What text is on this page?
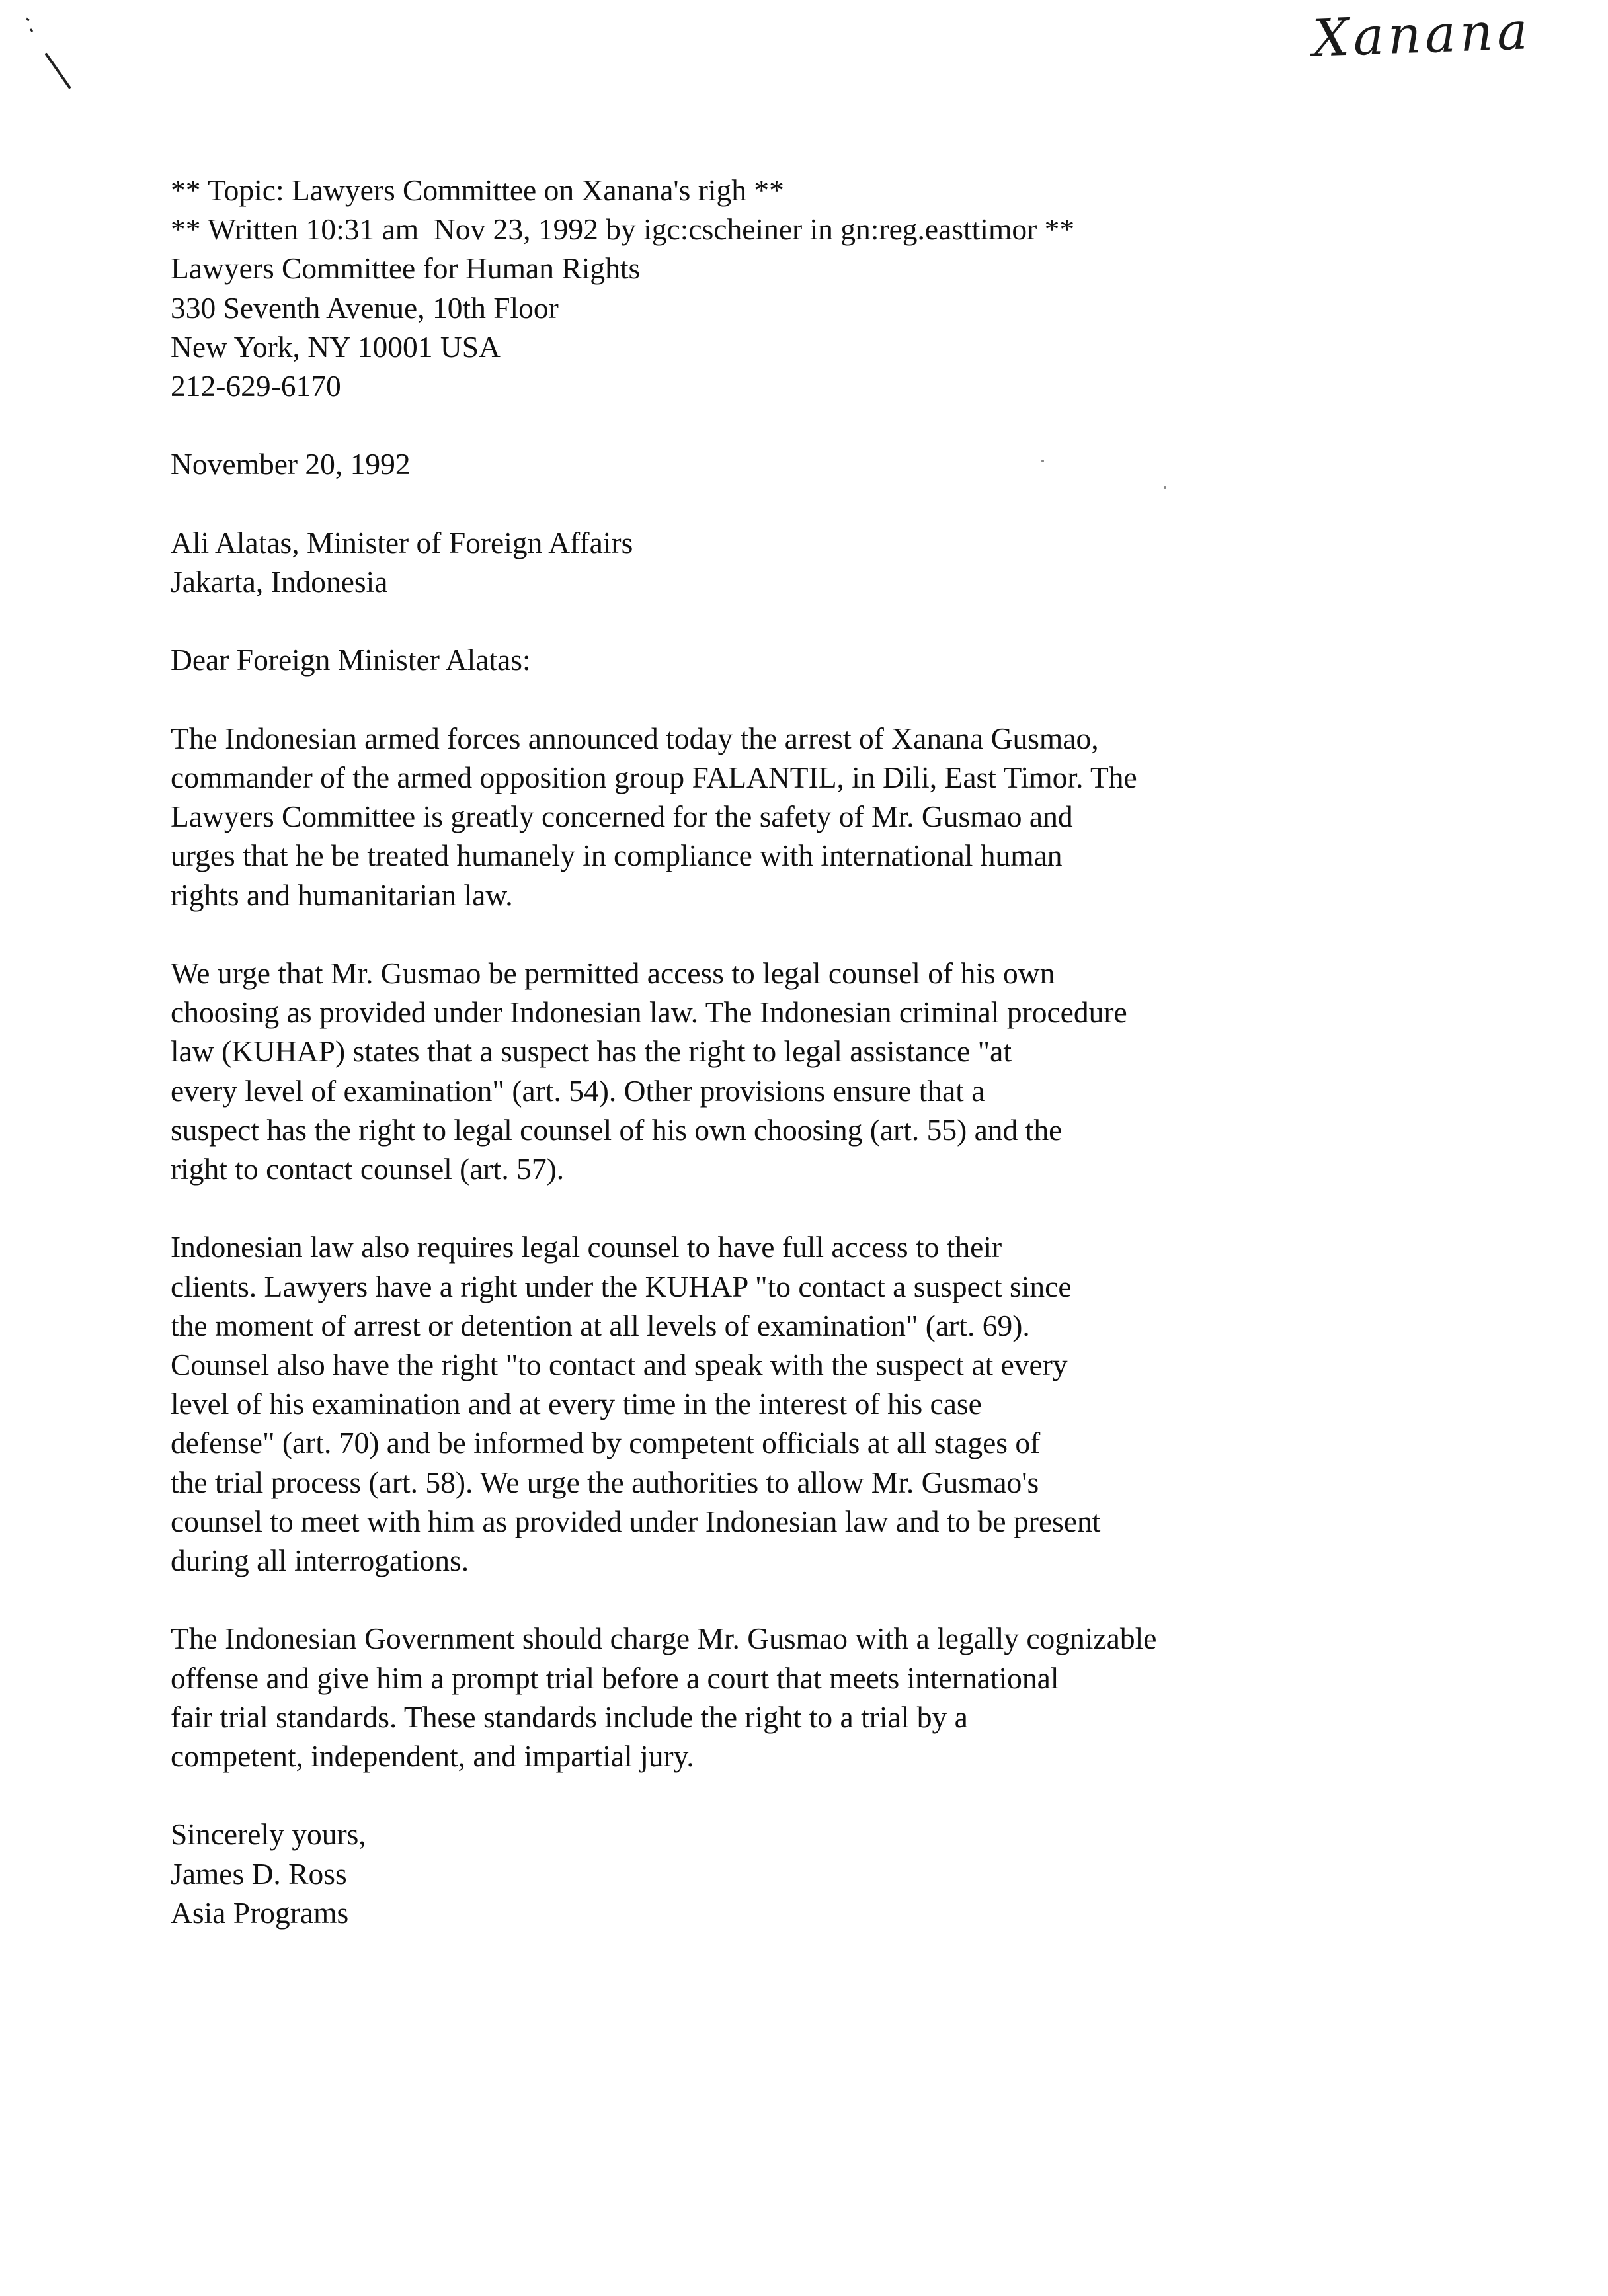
Xanana
** Topic: Lawyers Committee on Xanana's righ **
** Written 10:31 am  Nov 23, 1992 by igc:cscheiner in gn:reg.easttimor **
Lawyers Committee for Human Rights
330 Seventh Avenue, 10th Floor
New York, NY 10001 USA
212-629-6170
November 20, 1992
Ali Alatas, Minister of Foreign Affairs
Jakarta, Indonesia
Dear Foreign Minister Alatas:
The Indonesian armed forces announced today the arrest of Xanana Gusmao,
commander of the armed opposition group FALANTIL, in Dili, East Timor. The
Lawyers Committee is greatly concerned for the safety of Mr. Gusmao and
urges that he be treated humanely in compliance with international human
rights and humanitarian law.
We urge that Mr. Gusmao be permitted access to legal counsel of his own
choosing as provided under Indonesian law. The Indonesian criminal procedure
law (KUHAP) states that a suspect has the right to legal assistance "at
every level of examination" (art. 54). Other provisions ensure that a
suspect has the right to legal counsel of his own choosing (art. 55) and the
right to contact counsel (art. 57).
Indonesian law also requires legal counsel to have full access to their
clients. Lawyers have a right under the KUHAP "to contact a suspect since
the moment of arrest or detention at all levels of examination" (art. 69).
Counsel also have the right "to contact and speak with the suspect at every
level of his examination and at every time in the interest of his case
defense" (art. 70) and be informed by competent officials at all stages of
the trial process (art. 58). We urge the authorities to allow Mr. Gusmao's
counsel to meet with him as provided under Indonesian law and to be present
during all interrogations.
The Indonesian Government should charge Mr. Gusmao with a legally cognizable
offense and give him a prompt trial before a court that meets international
fair trial standards. These standards include the right to a trial by a
competent, independent, and impartial jury.
Sincerely yours,
James D. Ross
Asia Programs
